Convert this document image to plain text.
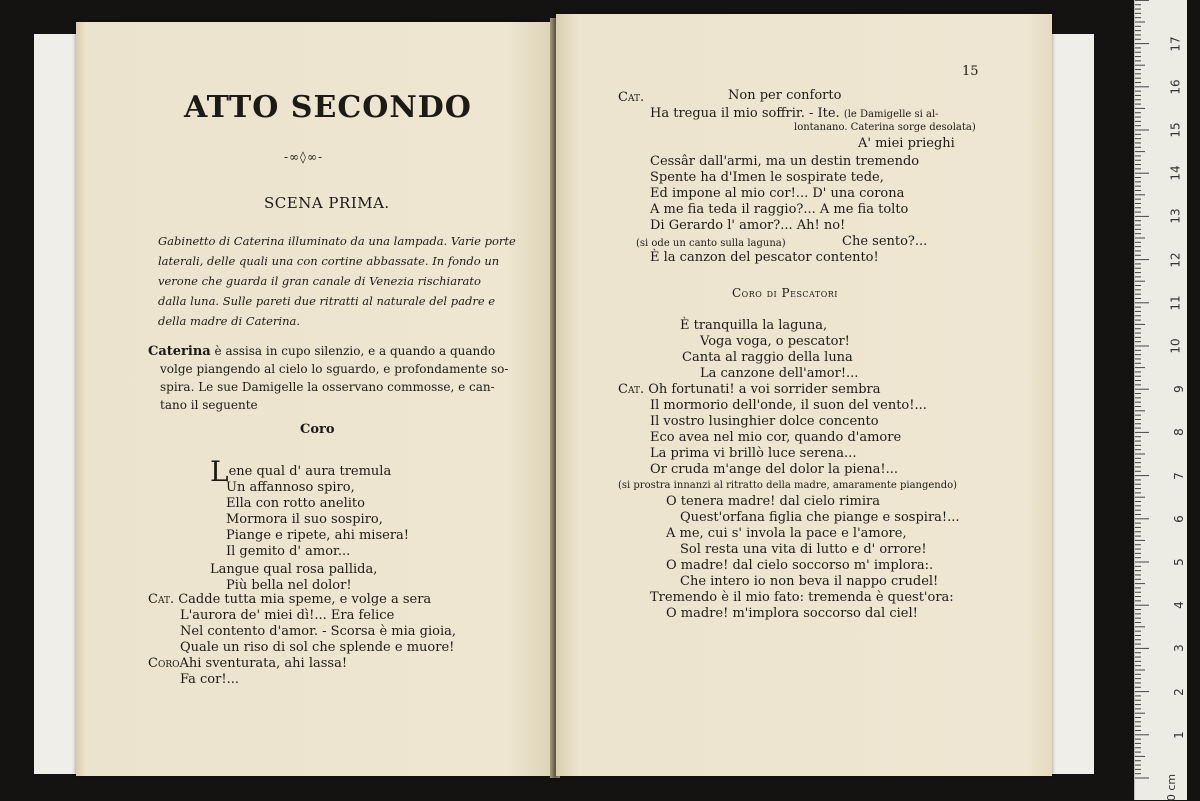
ATTO SECONDO
-∞◊∞-
SCENA PRIMA.
Gabinetto di Caterina illuminato da una lampada. Varie porte
laterali, delle quali una con cortine abbassate. In fondo un
verone che guarda il gran canale di Venezia rischiarato
dalla luna. Sulle pareti due ritratti al naturale del padre e
della madre di Caterina.
Caterina è assisa in cupo silenzio, e a quando a quando
volge piangendo al cielo lo sguardo, e profondamente so-
spira. Le sue Damigelle la osservano commosse, e can-
tano il seguente
Coro
Lene qual d' aura tremula
Un affannoso spiro,
Ella con rotto anelito
Mormora il suo sospiro,
Piange e ripete, ahi misera!
Il gemito d' amor...
Langue qual rosa pallida,
Più bella nel dolor!
Cat. Cadde tutta mia speme, e volge a sera
L'aurora de' miei dì!... Era felice
Nel contento d'amor. - Scorsa è mia gioia,
Quale un riso di sol che splende e muore!
CoroAhi sventurata, ahi lassa!
Fa cor!...
15
Cat.	Non per conforto
Ha tregua il mio soffrir. - Ite. (le Damigelle si al-
lontanano. Caterina sorge desolata)
A' miei prieghi
Cessâr dall'armi, ma un destin tremendo
Spente ha d'Imen le sospirate tede,
Ed impone al mio cor!... D' una corona
A me fia teda il raggio?... A me fia tolto
Di Gerardo l' amor?... Ah! no!
(si ode un canto sulla laguna)	Che sento?...
È la canzon del pescator contento!
Coro di Pescatori
È tranquilla la laguna,
Voga voga, o pescator!
Canta al raggio della luna
La canzone dell'amor!...
Cat. Oh fortunati! a voi sorrider sembra
Il mormorio dell'onde, il suon del vento!...
Il vostro lusinghier dolce concento
Eco avea nel mio cor, quando d'amore
La prima vi brillò luce serena...
Or cruda m'ange del dolor la piena!...
(si prostra innanzi al ritratto della madre, amaramente piangendo)
O tenera madre! dal cielo rimira
Quest'orfana figlia che piange e sospira!...
A me, cui s' invola la pace e l'amore,
Sol resta una vita di lutto e d' orrore!
O madre! dal cielo soccorso m' implora:.
Che intero io non beva il nappo crudel!
Tremendo è il mio fato: tremenda è quest'ora:
O madre! m'implora soccorso dal ciel!
17
16
15
14
13
12
11
10
9
8
7
6
5
4
3
2
1
0 cm
